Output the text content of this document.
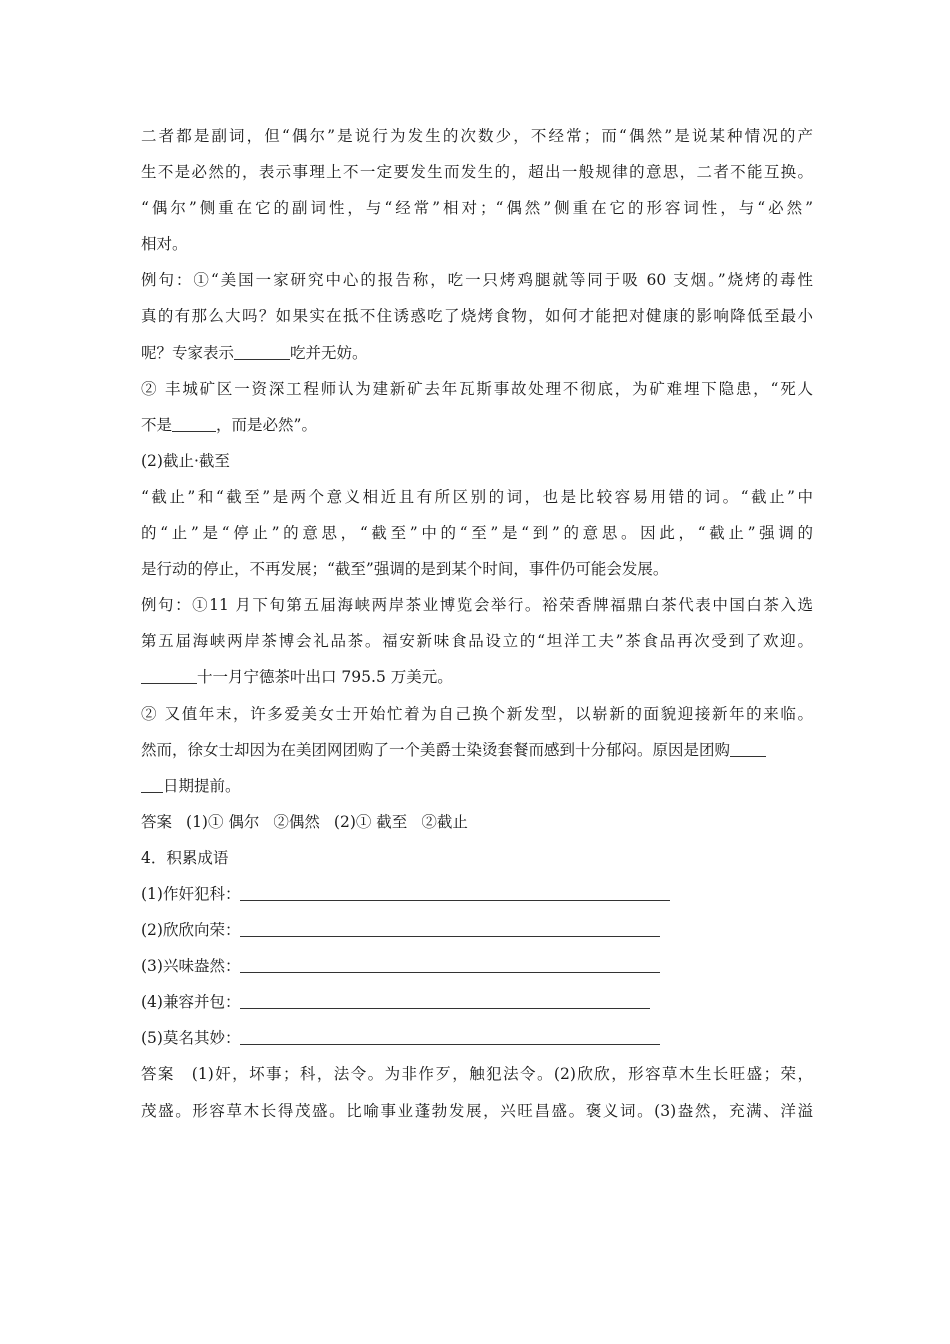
二者都是副词，但“偶尔”是说行为发生的次数少，不经常；而“偶然”是说某种情况的产
生不是必然的，表示事理上不一定要发生而发生的，超出一般规律的意思，二者不能互换。
“偶尔”侧重在它的副词性，与“经常”相对；“偶然”侧重在它的形容词性，与“必然”
相对。
例句：①“美国一家研究中心的报告称，吃一只烤鸡腿就等同于吸 60 支烟。”烧烤的毒性
真的有那么大吗？如果实在抵不住诱惑吃了烧烤食物，如何才能把对健康的影响降低至最小
呢？专家表示	吃并无妨。
② 丰城矿区一资深工程师认为建新矿去年瓦斯事故处理不彻底，为矿难埋下隐患，“死人
不是	，而是必然”。
(2)截止·截至
“截止”和“截至”是两个意义相近且有所区别的词，也是比较容易用错的词。“截止”中
的“止”是“停止”的意思，“截至”中的“至”是“到”的意思。因此，“截止”强调的
是行动的停止，不再发展；“截至”强调的是到某个时间，事件仍可能会发展。
例句：①11 月下旬第五届海峡两岸茶业博览会举行。裕荣香牌福鼎白茶代表中国白茶入选
第五届海峡两岸茶博会礼品茶。福安新味食品设立的“坦洋工夫”茶食品再次受到了欢迎。
十一月宁德茶叶出口 795.5 万美元。
② 又值年末，许多爱美女士开始忙着为自己换个新发型，以崭新的面貌迎接新年的来临。
然而，徐女士却因为在美团网团购了一个美爵士染烫套餐而感到十分郁闷。原因是团购
日期提前。
答案 (1)① 偶尔 ②偶然 (2)① 截至 ②截止
4．积累成语
(1)作奸犯科：
(2)欣欣向荣：
(3)兴味盎然：
(4)兼容并包：
(5)莫名其妙：
答案　(1)奸，坏事；科，法令。为非作歹，触犯法令。(2)欣欣，形容草木生长旺盛；荣，
茂盛。形容草木长得茂盛。比喻事业蓬勃发展，兴旺昌盛。褒义词。(3)盎然，充满、洋溢
